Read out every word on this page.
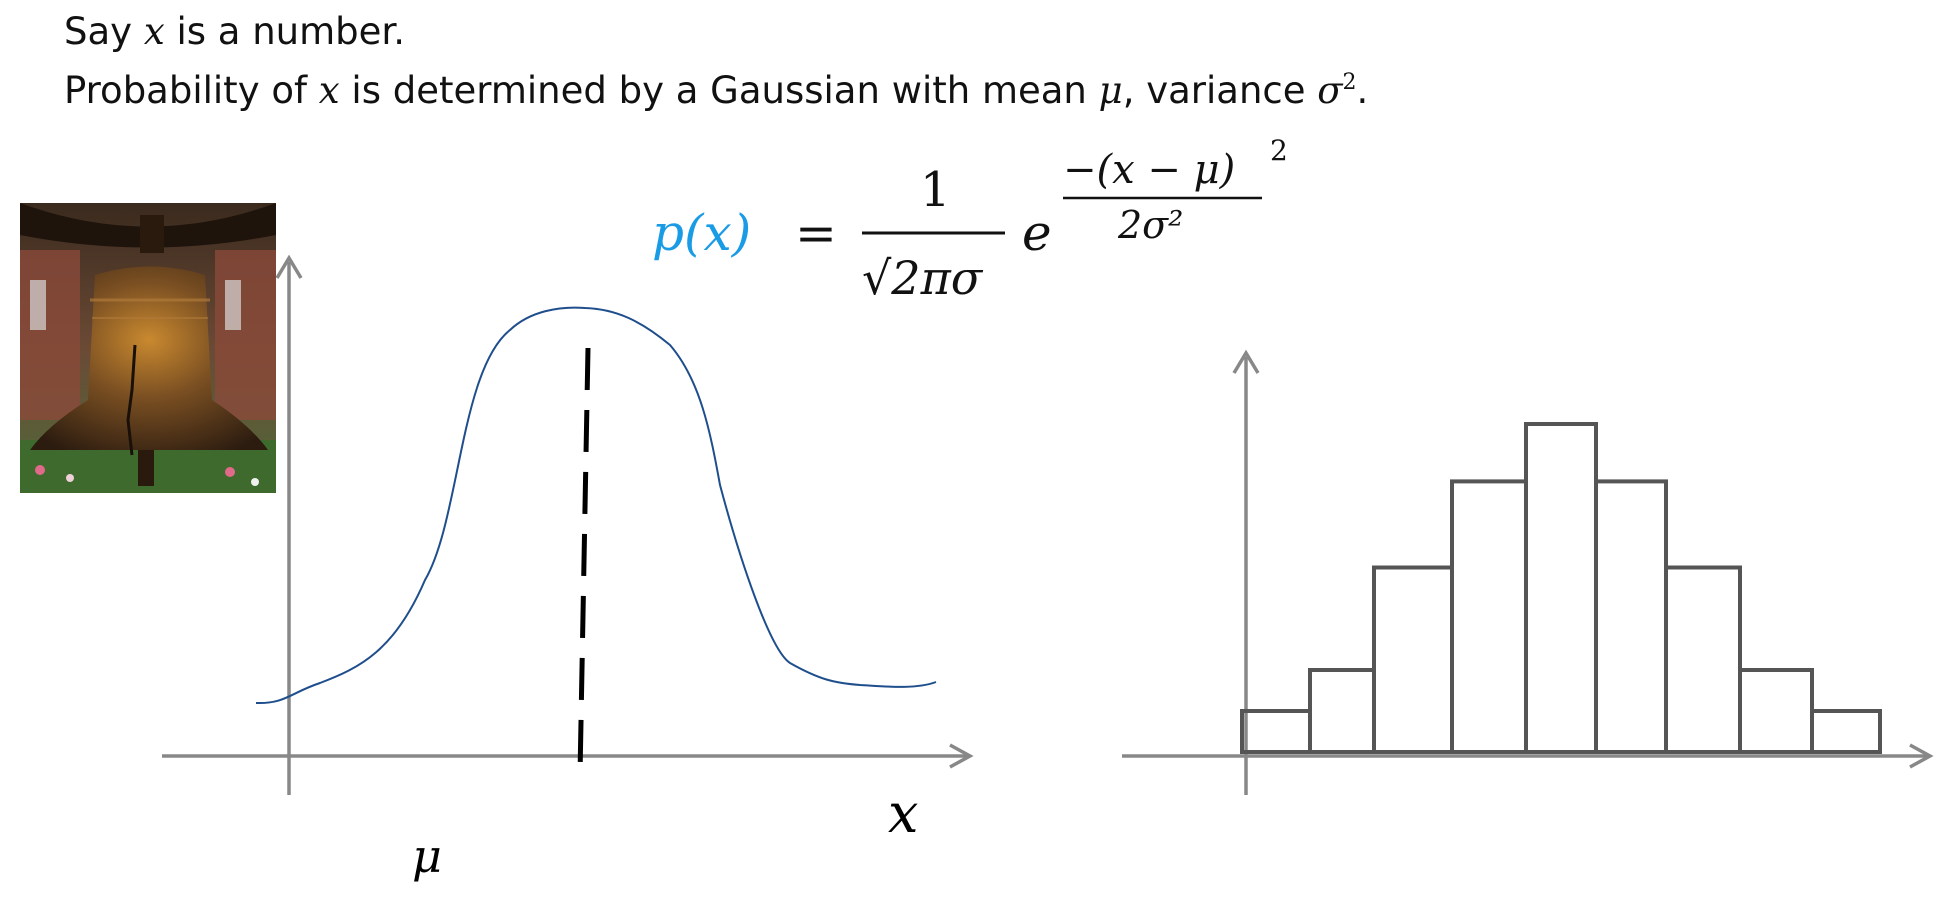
Say x is a number.
Probability of x is determined by a Gaussian with mean μ, variance $\sigma^2$.
x
μ
p(x) =
1
√2πσ
e
−(x − μ) 2
2σ²
